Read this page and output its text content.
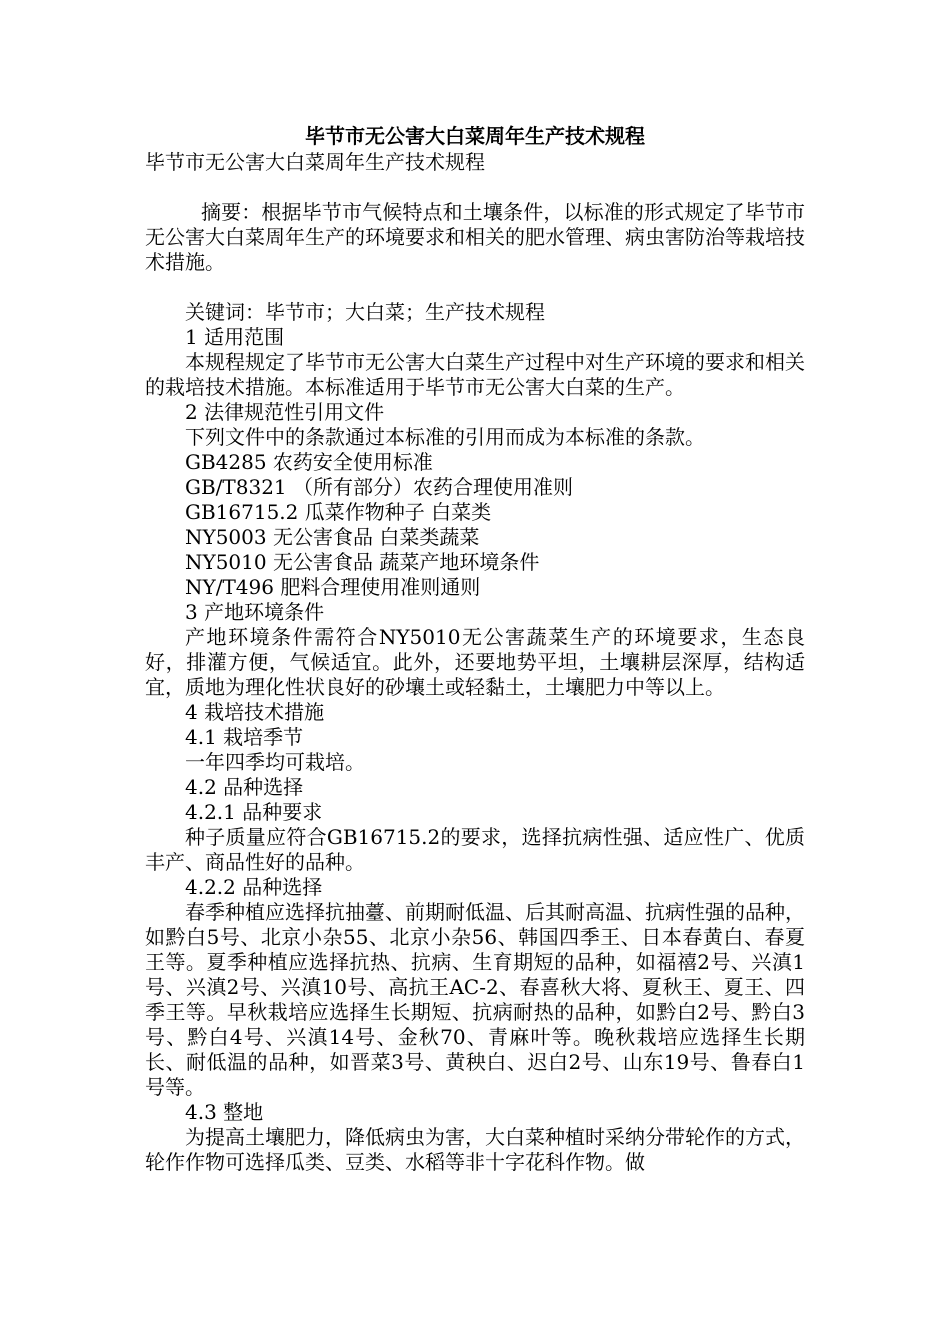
毕节市无公害大白菜周年生产技术规程
毕节市无公害大白菜周年生产技术规程

摘要：根据毕节市气候特点和土壤条件，以标准的形式规定了毕节市无公害大白菜周年生产的环境要求和相关的肥水管理、病虫害防治等栽培技术措施。

关键词：毕节市；大白菜；生产技术规程

1 适用范围

本规程规定了毕节市无公害大白菜生产过程中对生产环境的要求和相关的栽培技术措施。本标准适用于毕节市无公害大白菜的生产。

2 法律规范性引用文件

下列文件中的条款通过本标准的引用而成为本标准的条款。

GB4285 农药安全使用标准

GB/T8321 （所有部分）农药合理使用准则

GB16715.2 瓜菜作物种子 白菜类

NY5003 无公害食品 白菜类蔬菜

NY5010 无公害食品 蔬菜产地环境条件

NY/T496 肥料合理使用准则通则

3 产地环境条件

产地环境条件需符合NY5010无公害蔬菜生产的环境要求，生态良好，排灌方便，气候适宜。此外，还要地势平坦，土壤耕层深厚，结构适宜，质地为理化性状良好的砂壤土或轻黏土，土壤肥力中等以上。

4 栽培技术措施

4.1 栽培季节

一年四季均可栽培。

4.2 品种选择

4.2.1 品种要求

种子质量应符合GB16715.2的要求，选择抗病性强、适应性广、优质丰产、商品性好的品种。

4.2.2 品种选择

春季种植应选择抗抽薹、前期耐低温、后其耐高温、抗病性强的品种，如黔白5号、北京小杂55、北京小杂56、韩国四季王、日本春黄白、春夏王等。夏季种植应选择抗热、抗病、生育期短的品种，如福禧2号、兴滇1号、兴滇2号、兴滇10号、高抗王AC-2、春喜秋大将、夏秋王、夏王、四季王等。早秋栽培应选择生长期短、抗病耐热的品种，如黔白2号、黔白3号、黔白4号、兴滇14号、金秋70、青麻叶等。晚秋栽培应选择生长期长、耐低温的品种，如晋菜3号、黄秧白、迟白2号、山东19号、鲁春白1号等。

4.3 整地

为提高土壤肥力，降低病虫为害，大白菜种植时采纳分带轮作的方式，轮作作物可选择瓜类、豆类、水稻等非十字花科作物。做
